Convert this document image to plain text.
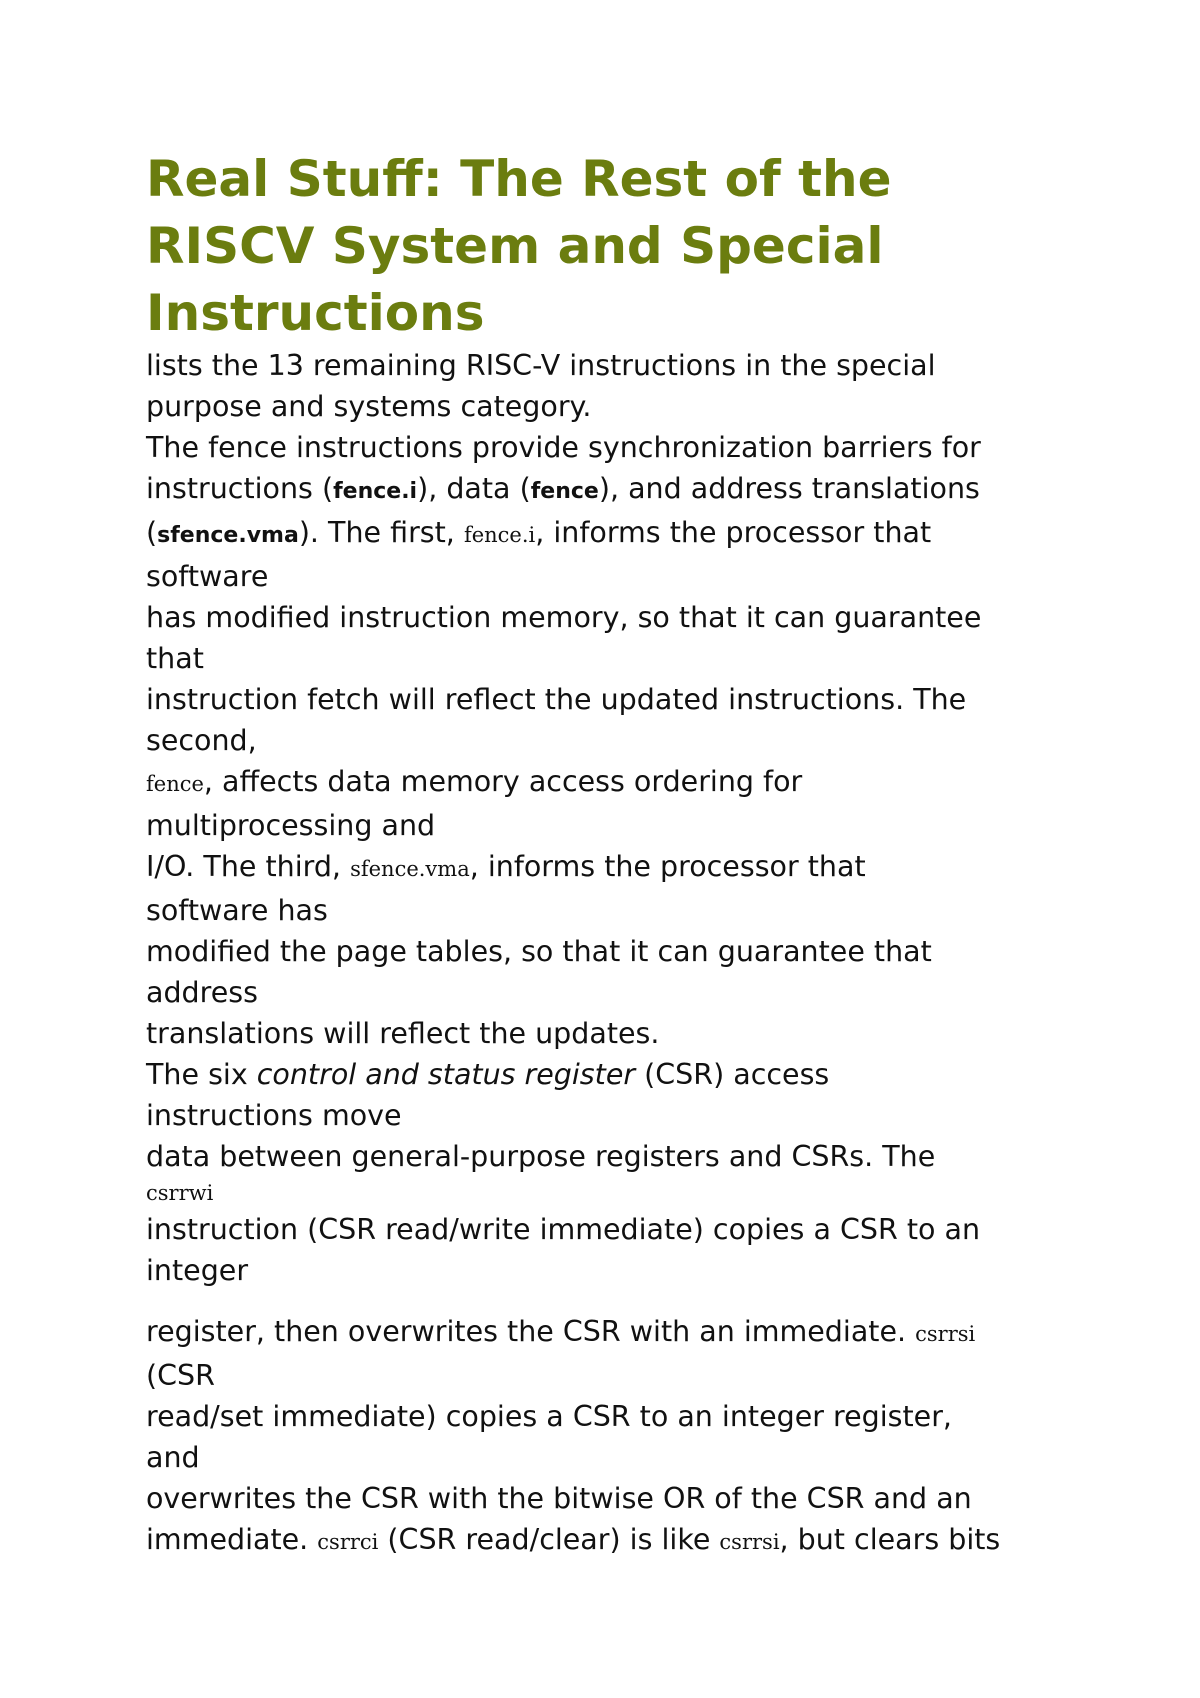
Real Stuff: The Rest of the
RISCV System and Special
Instructions

lists the 13 remaining RISC-V instructions in the special

purpose and systems category.

The fence instructions provide synchronization barriers for

instructions (fence.i), data (fence), and address translations

(sfence.vma). The first, fence.i, informs the processor that

software

has modified instruction memory, so that it can guarantee

that

instruction fetch will reflect the updated instructions. The

second,

fence, affects data memory access ordering for

multiprocessing and

I/O. The third, sfence.vma, informs the processor that

software has

modified the page tables, so that it can guarantee that

address

translations will reflect the updates.

The six control and status register (CSR) access

instructions move

data between general-purpose registers and CSRs. The

csrrwi

instruction (CSR read/write immediate) copies a CSR to an

integer

register, then overwrites the CSR with an immediate. csrrsi

(CSR

read/set immediate) copies a CSR to an integer register,

and

overwrites the CSR with the bitwise OR of the CSR and an

immediate. csrrci (CSR read/clear) is like csrrsi, but clears bits
